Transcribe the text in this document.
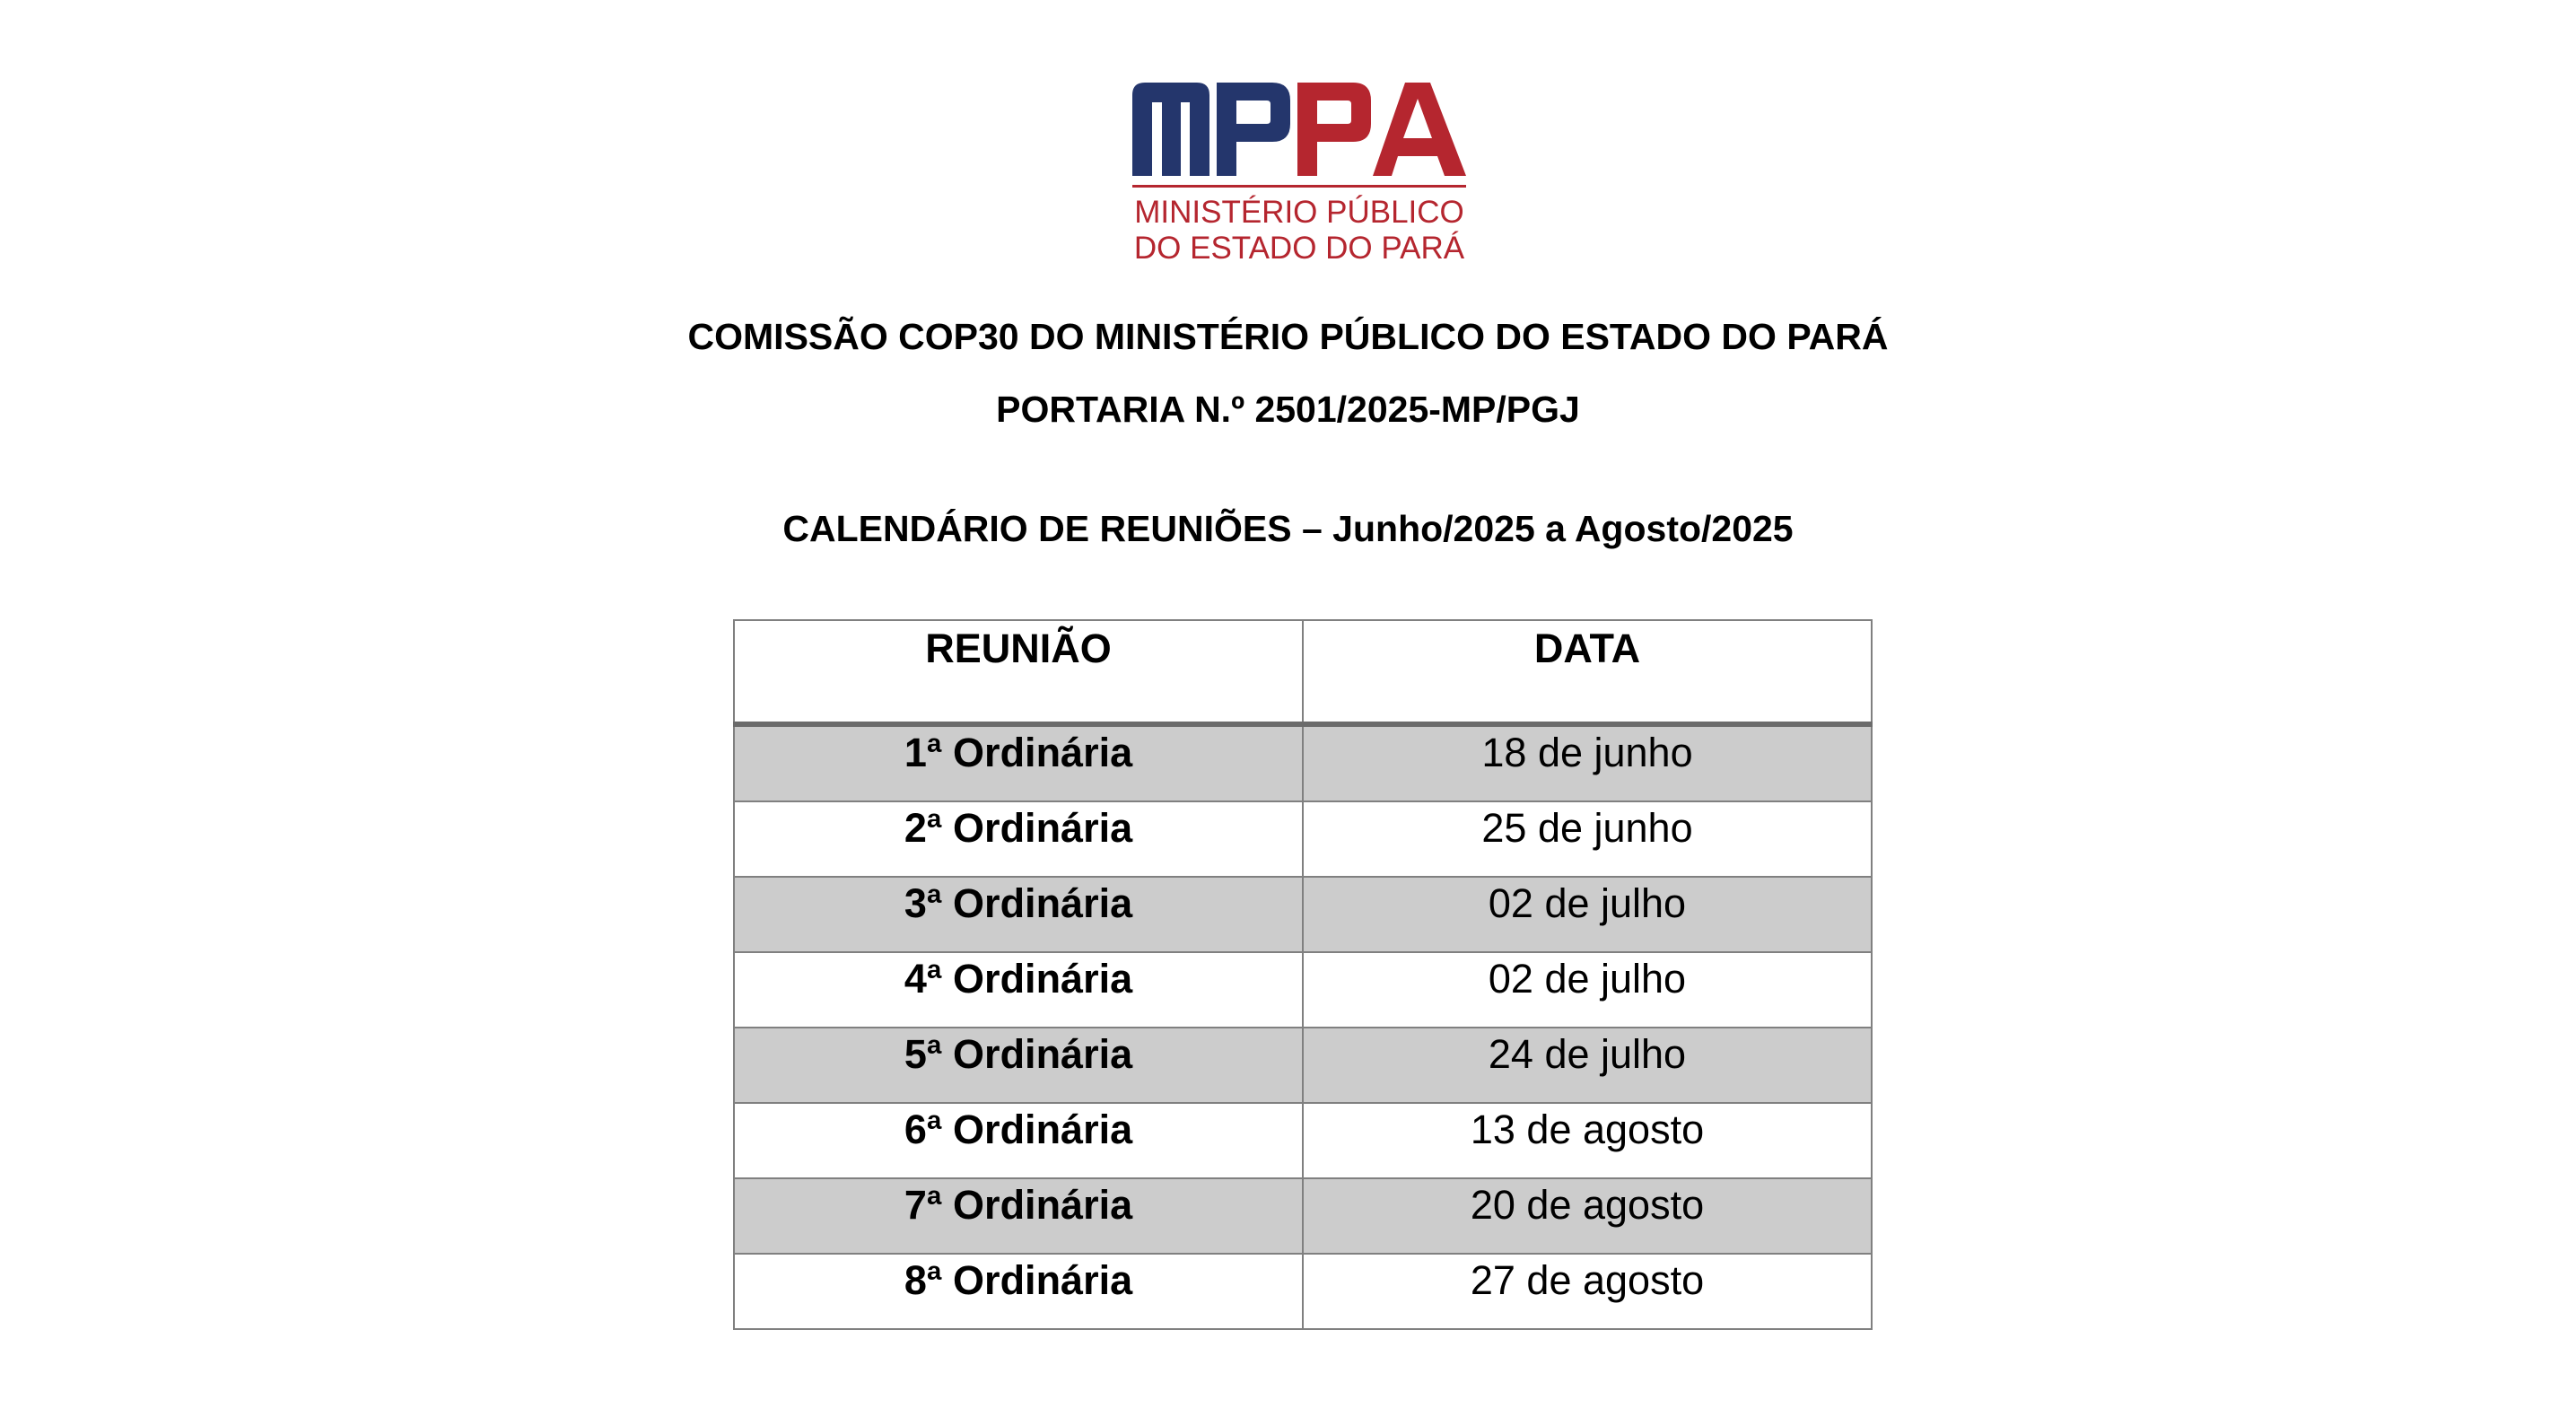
MINISTÉRIO PÚBLICO
DO ESTADO DO PARÁ
COMISSÃO COP30 DO MINISTÉRIO PÚBLICO DO ESTADO DO PARÁ
PORTARIA N.º 2501/2025-MP/PGJ
CALENDÁRIO DE REUNIÕES – Junho/2025 a Agosto/2025
REUNIÃO	DATA
1ª Ordinária	18 de junho
2ª Ordinária	25 de junho
3ª Ordinária	02 de julho
4ª Ordinária	02 de julho
5ª Ordinária	24 de julho
6ª Ordinária	13 de agosto
7ª Ordinária	20 de agosto
8ª Ordinária	27 de agosto
